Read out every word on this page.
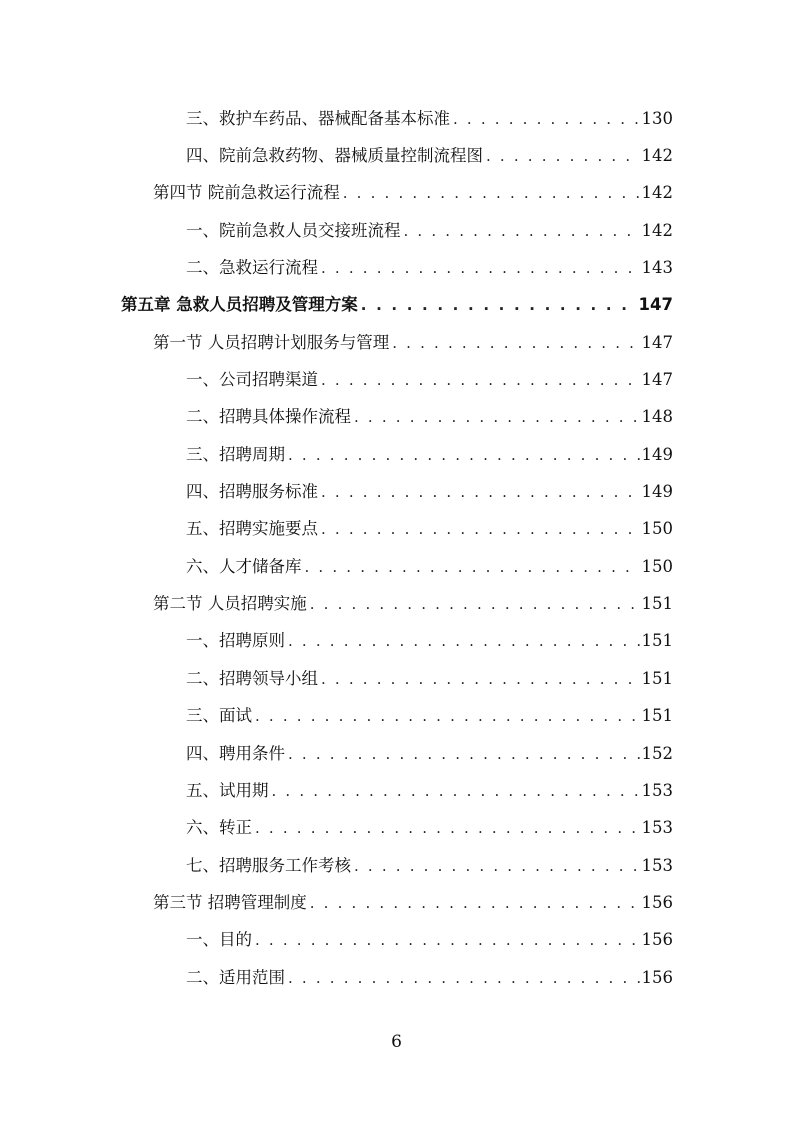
三、救护车药品、器械配备基本标准 . . .	130
四、院前急救药物、器械质量控制流程图 . . .	142
第四节 院前急救运行流程 . . .	142
一、院前急救人员交接班流程 . . .	142
二、急救运行流程 . . .	143
第五章 急救人员招聘及管理方案 . . .	147
第一节 人员招聘计划服务与管理 . . .	147
一、公司招聘渠道 . . .	147
二、招聘具体操作流程 . . .	148
三、招聘周期 . . .	149
四、招聘服务标准 . . .	149
五、招聘实施要点 . . .	150
六、人才储备库 . . .	150
第二节 人员招聘实施 . . .	151
一、招聘原则 . . .	151
二、招聘领导小组 . . .	151
三、面试 . . .	151
四、聘用条件 . . .	152
五、试用期 . . .	153
六、转正 . . .	153
七、招聘服务工作考核 . . .	153
第三节 招聘管理制度 . . .	156
一、目的 . . .	156
二、适用范围 . . .	156
6
